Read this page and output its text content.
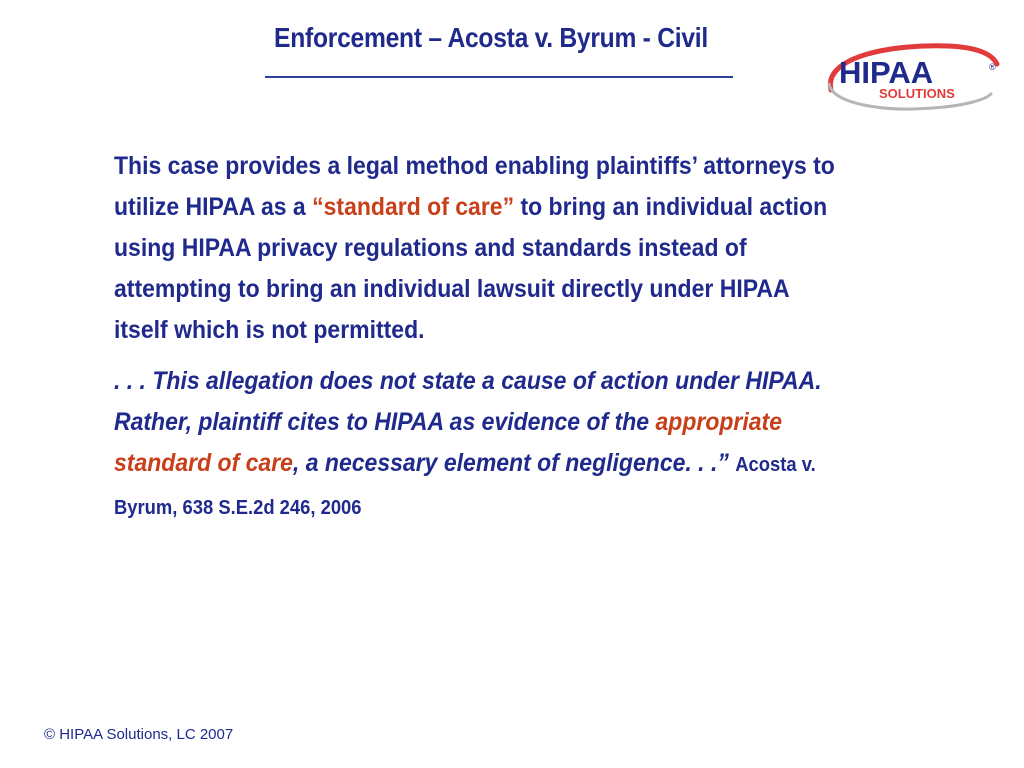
Enforcement – Acosta v. Byrum - Civil
HIPAA	®
SOLUTIONS

This case provides a legal method enabling plaintiffs’ attorneys to utilize HIPAA as a “standard of care” to bring an individual action using HIPAA privacy regulations and standards instead of attempting to bring an individual lawsuit directly under HIPAA itself which is not permitted.

. . . This allegation does not state a cause of action under HIPAA. Rather, plaintiff cites to HIPAA as evidence of the appropriate standard of care, a necessary element of negligence. . .” Acosta v. Byrum, 638 S.E.2d 246, 2006

© HIPAA Solutions, LC 2007
